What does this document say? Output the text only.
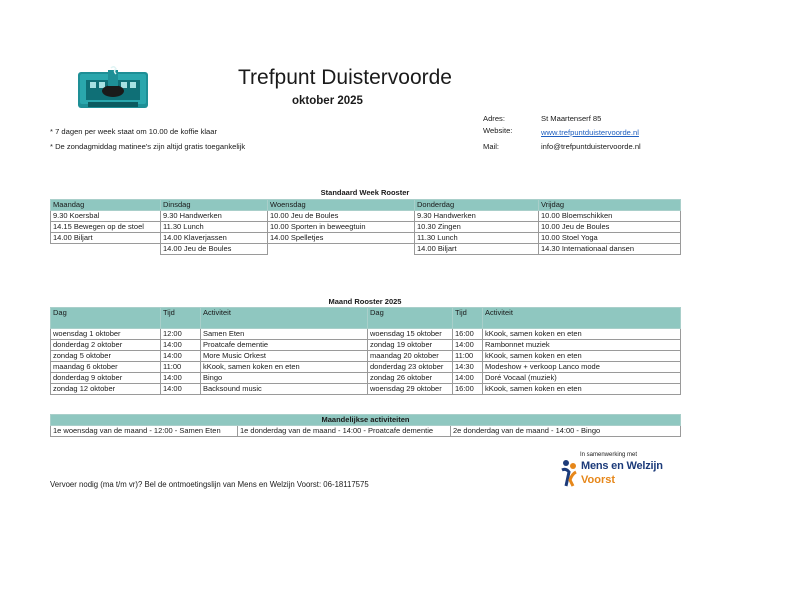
Trefpunt Duistervoorde
oktober 2025
* 7 dagen per week staat om 10.00 de koffie klaar
* De zondagmiddag matinee's zijn altijd gratis toegankelijk
Adres:	St Maartenserf 85
Website:	www.trefpuntduistervoorde.nl
Mail:	info@trefpuntduistervoorde.nl
Standaard Week Rooster
Maandag	Dinsdag	Woensdag	Donderdag	Vrijdag
9.30 Koersbal	9.30 Handwerken	10.00 Jeu de Boules	9.30 Handwerken	10.00 Bloemschikken
14.15 Bewegen op de stoel	11.30 Lunch	10.00 Sporten in beweegtuin	10.30 Zingen	10.00 Jeu de Boules
14.00 Biljart	14.00 Klaverjassen	14.00 Spelletjes	11.30 Lunch	10.00 Stoel Yoga
	14.00 Jeu de Boules		14.00 Biljart	14.30 Internationaal dansen
Maand Rooster 2025
Dag	Tijd	Activiteit	Dag	Tijd	Activiteit
woensdag 1 oktober	12:00	Samen Eten	woensdag 15 oktober	16:00	kKook, samen koken en eten
donderdag 2 oktober	14:00	Proatcafe dementie	zondag 19 oktober	14:00	Rambonnet muziek
zondag 5 oktober	14:00	More Music Orkest	maandag 20 oktober	11:00	kKook, samen koken en eten
maandag 6 oktober	11:00	kKook, samen koken en eten	donderdag 23 oktober	14:30	Modeshow + verkoop Lanco mode
donderdag 9 oktober	14:00	Bingo	zondag 26 oktober	14:00	Doré Vocaal (muziek)
zondag 12 oktober	14:00	Backsound music	woensdag 29 oktober	16:00	kKook, samen koken en eten
Maandelijkse activiteiten
1e woensdag van de maand - 12:00 - Samen Eten	1e donderdag van de maand - 14:00 - Proatcafe dementie	2e donderdag van de maand - 14:00 - Bingo
Vervoer nodig (ma t/m vr)? Bel de ontmoetingslijn van Mens en Welzijn Voorst: 06-18117575
In samenwerking met
Mens en Welzijn
Voorst
